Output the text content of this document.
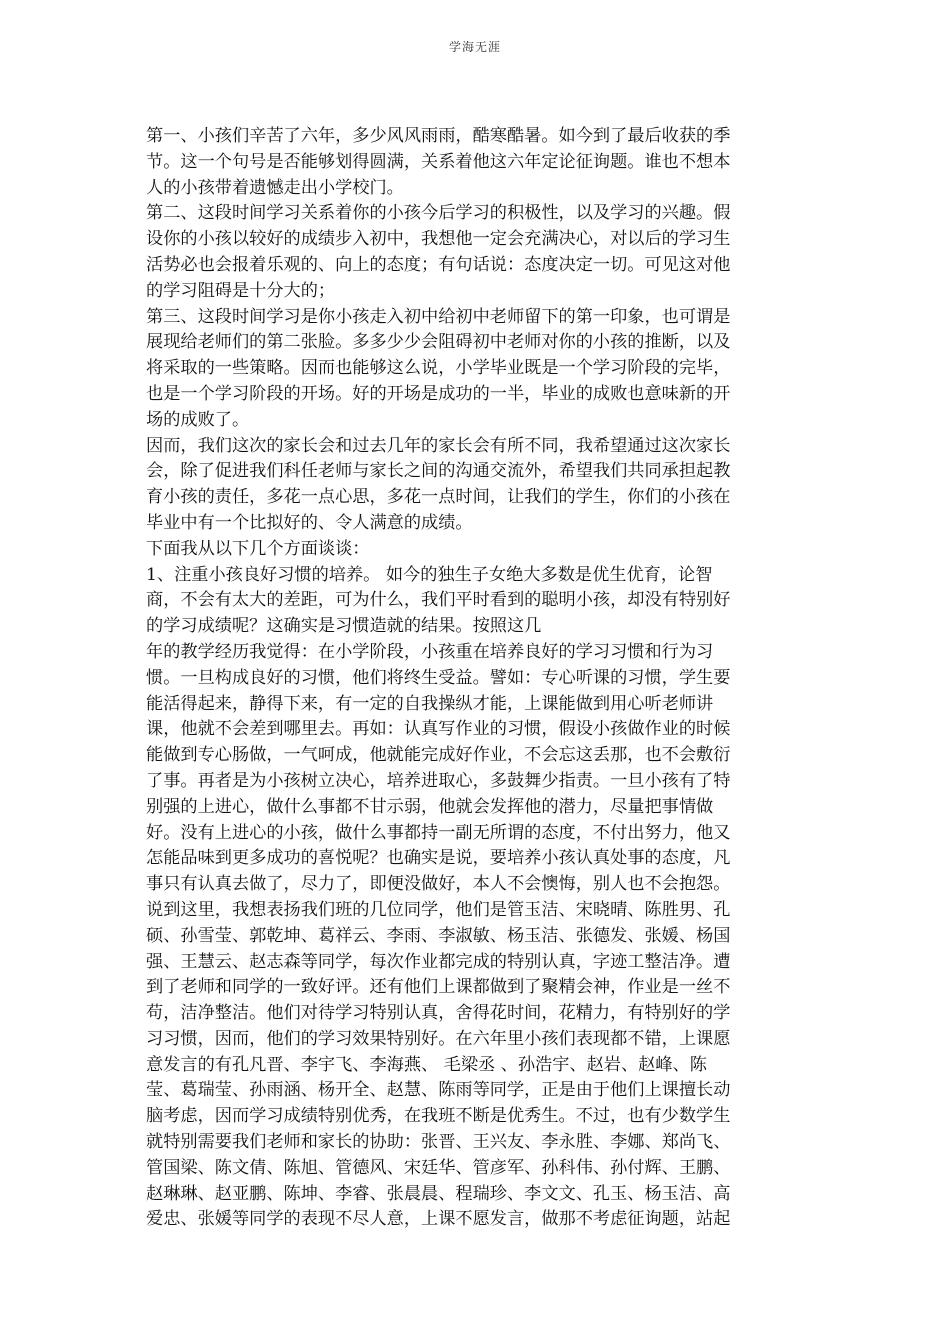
学海无涯
第一、小孩们辛苦了六年，多少风风雨雨，酷寒酷暑。如今到了最后收获的季
节。这一个句号是否能够划得圆满，关系着他这六年定论征询题。谁也不想本
人的小孩带着遗憾走出小学校门。
第二、这段时间学习关系着你的小孩今后学习的积极性，以及学习的兴趣。假
设你的小孩以较好的成绩步入初中，我想他一定会充满决心，对以后的学习生
活势必也会报着乐观的、向上的态度；有句话说：态度决定一切。可见这对他
的学习阻碍是十分大的；
第三、这段时间学习是你小孩走入初中给初中老师留下的第一印象，也可谓是
展现给老师们的第二张脸。多多少少会阻碍初中老师对你的小孩的推断，以及
将采取的一些策略。因而也能够这么说，小学毕业既是一个学习阶段的完毕，
也是一个学习阶段的开场。好的开场是成功的一半，毕业的成败也意味新的开
场的成败了。
因而，我们这次的家长会和过去几年的家长会有所不同，我希望通过这次家长
会，除了促进我们科任老师与家长之间的沟通交流外，希望我们共同承担起教
育小孩的责任，多花一点心思，多花一点时间，让我们的学生，你们的小孩在
毕业中有一个比拟好的、令人满意的成绩。
下面我从以下几个方面谈谈：
1、注重小孩良好习惯的培养。 如今的独生子女绝大多数是优生优育，论智
商，不会有太大的差距，可为什么，我们平时看到的聪明小孩，却没有特别好
的学习成绩呢？这确实是习惯造就的结果。按照这几
年的教学经历我觉得：在小学阶段，小孩重在培养良好的学习习惯和行为习
惯。一旦构成良好的习惯，他们将终生受益。譬如：专心听课的习惯，学生要
能活得起来，静得下来，有一定的自我操纵才能，上课能做到用心听老师讲
课，他就不会差到哪里去。再如：认真写作业的习惯，假设小孩做作业的时候
能做到专心肠做，一气呵成，他就能完成好作业，不会忘这丢那，也不会敷衍
了事。再者是为小孩树立决心，培养进取心，多鼓舞少指责。一旦小孩有了特
别强的上进心，做什么事都不甘示弱，他就会发挥他的潜力，尽量把事情做
好。没有上进心的小孩，做什么事都持一副无所谓的态度，不付出努力，他又
怎能品味到更多成功的喜悦呢？也确实是说，要培养小孩认真处事的态度，凡
事只有认真去做了，尽力了，即便没做好，本人不会懊悔，别人也不会抱怨。
说到这里，我想表扬我们班的几位同学，他们是管玉洁、宋晓晴、陈胜男、孔
硕、孙雪莹、郭乾坤、葛祥云、李雨、李淑敏、杨玉洁、张德发、张媛、杨国
强、王慧云、赵志森等同学，每次作业都完成的特别认真，字迹工整洁净。遭
到了老师和同学的一致好评。还有他们上课都做到了聚精会神，作业是一丝不
苟，洁净整洁。他们对待学习特别认真，舍得花时间，花精力，有特别好的学
习习惯，因而，他们的学习效果特别好。在六年里小孩们表现都不错，上课愿
意发言的有孔凡晋、李宇飞、李海燕、 毛梁丞 、孙浩宇、赵岩、赵峰、陈
莹、葛瑞莹、孙雨涵、杨开全、赵慧、陈雨等同学，正是由于他们上课擅长动
脑考虑，因而学习成绩特别优秀，在我班不断是优秀生。不过，也有少数学生
就特别需要我们老师和家长的协助：张晋、王兴友、李永胜、李娜、郑尚飞、
管国梁、陈文倩、陈旭、管德风、宋廷华、管彦军、孙科伟、孙付辉、王鹏、
赵琳琳、赵亚鹏、陈坤、李睿、张晨晨、程瑞珍、李文文、孔玉、杨玉洁、高
爱忠、张媛等同学的表现不尽人意，上课不愿发言，做那不考虑征询题，站起
